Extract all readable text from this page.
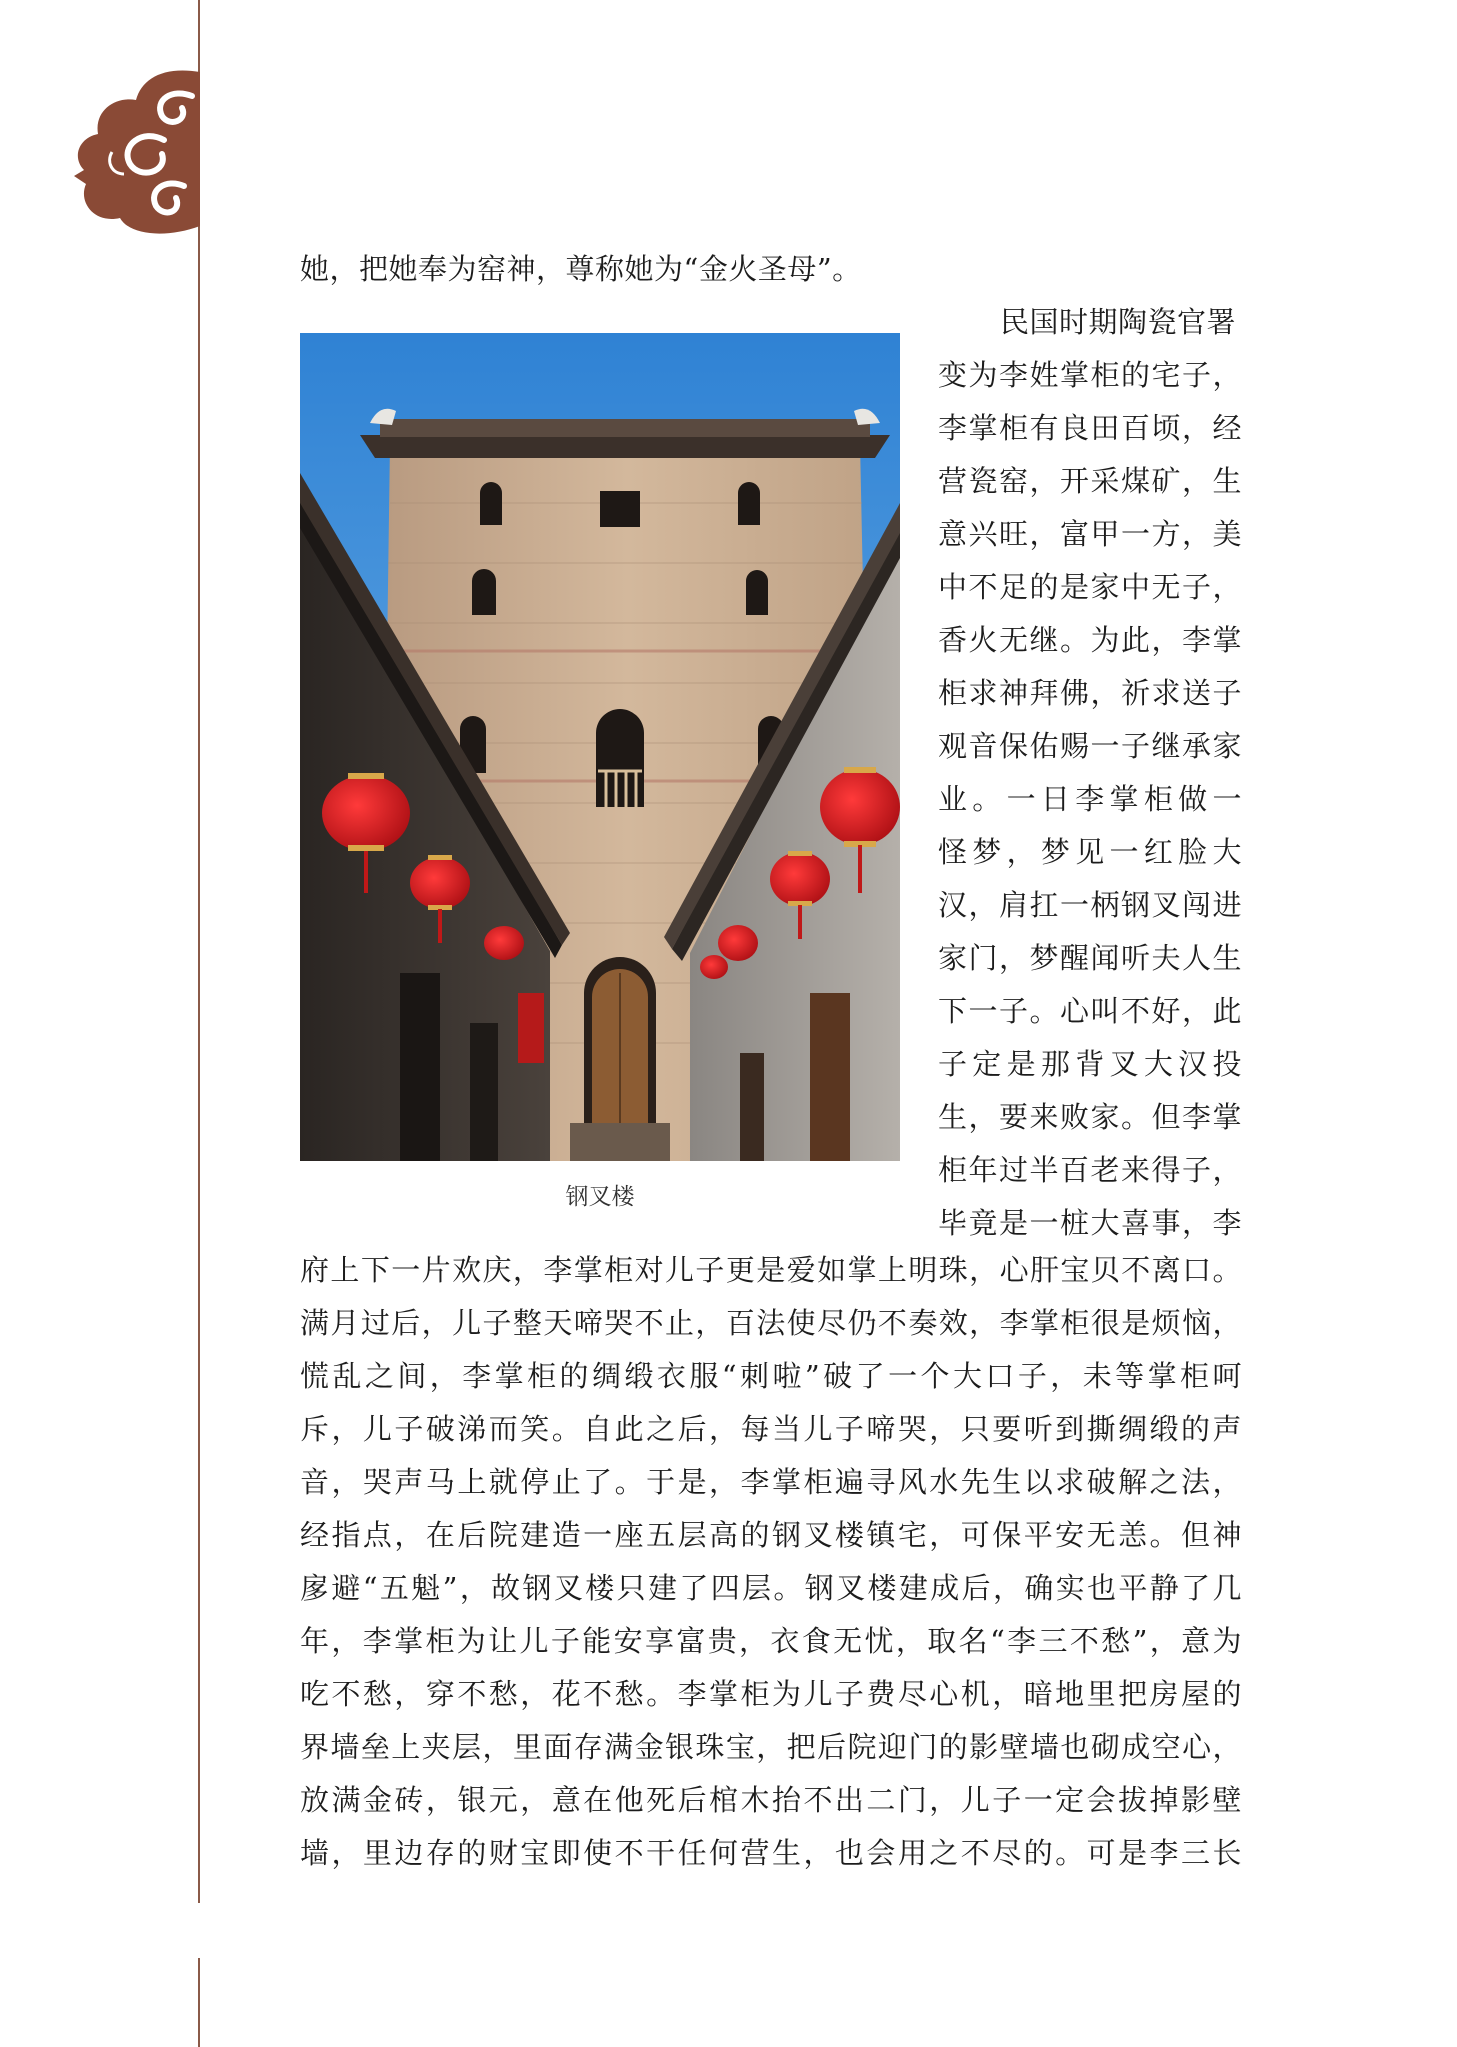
她，把她奉为窑神，尊称她为“金火圣母”。
钢叉楼
民国时期陶瓷官署
变为李姓掌柜的宅子，
李掌柜有良田百顷，经
营瓷窑，开采煤矿，生
意兴旺，富甲一方，美
中不足的是家中无子，
香火无继。为此，李掌
柜求神拜佛，祈求送子
观音保佑赐一子继承家
业。一日李掌柜做一
怪梦，梦见一红脸大
汉，肩扛一柄钢叉闯进
家门，梦醒闻听夫人生
下一子。心叫不好，此
子定是那背叉大汉投
生，要来败家。但李掌
柜年过半百老来得子，
毕竟是一桩大喜事，李
府上下一片欢庆，李掌柜对儿子更是爱如掌上明珠，心肝宝贝不离口。
满月过后，儿子整天啼哭不止，百法使尽仍不奏效，李掌柜很是烦恼，
慌乱之间，李掌柜的绸缎衣服“刺啦”破了一个大口子，未等掌柜呵
斥，儿子破涕而笑。自此之后，每当儿子啼哭，只要听到撕绸缎的声
音，哭声马上就停止了。于是，李掌柜遍寻风水先生以求破解之法，
经指点，在后院建造一座五层高的钢叉楼镇宅，可保平安无恙。但神
扅避“五魁”，故钢叉楼只建了四层。钢叉楼建成后，确实也平静了几
年，李掌柜为让儿子能安享富贵，衣食无忧，取名“李三不愁”，意为
吃不愁，穿不愁，花不愁。李掌柜为儿子费尽心机，暗地里把房屋的
界墙垒上夹层，里面存满金银珠宝，把后院迎门的影壁墙也砌成空心，
放满金砖，银元，意在他死后棺木抬不出二门，儿子一定会拔掉影壁
墙，里边存的财宝即使不干任何营生，也会用之不尽的。可是李三长
